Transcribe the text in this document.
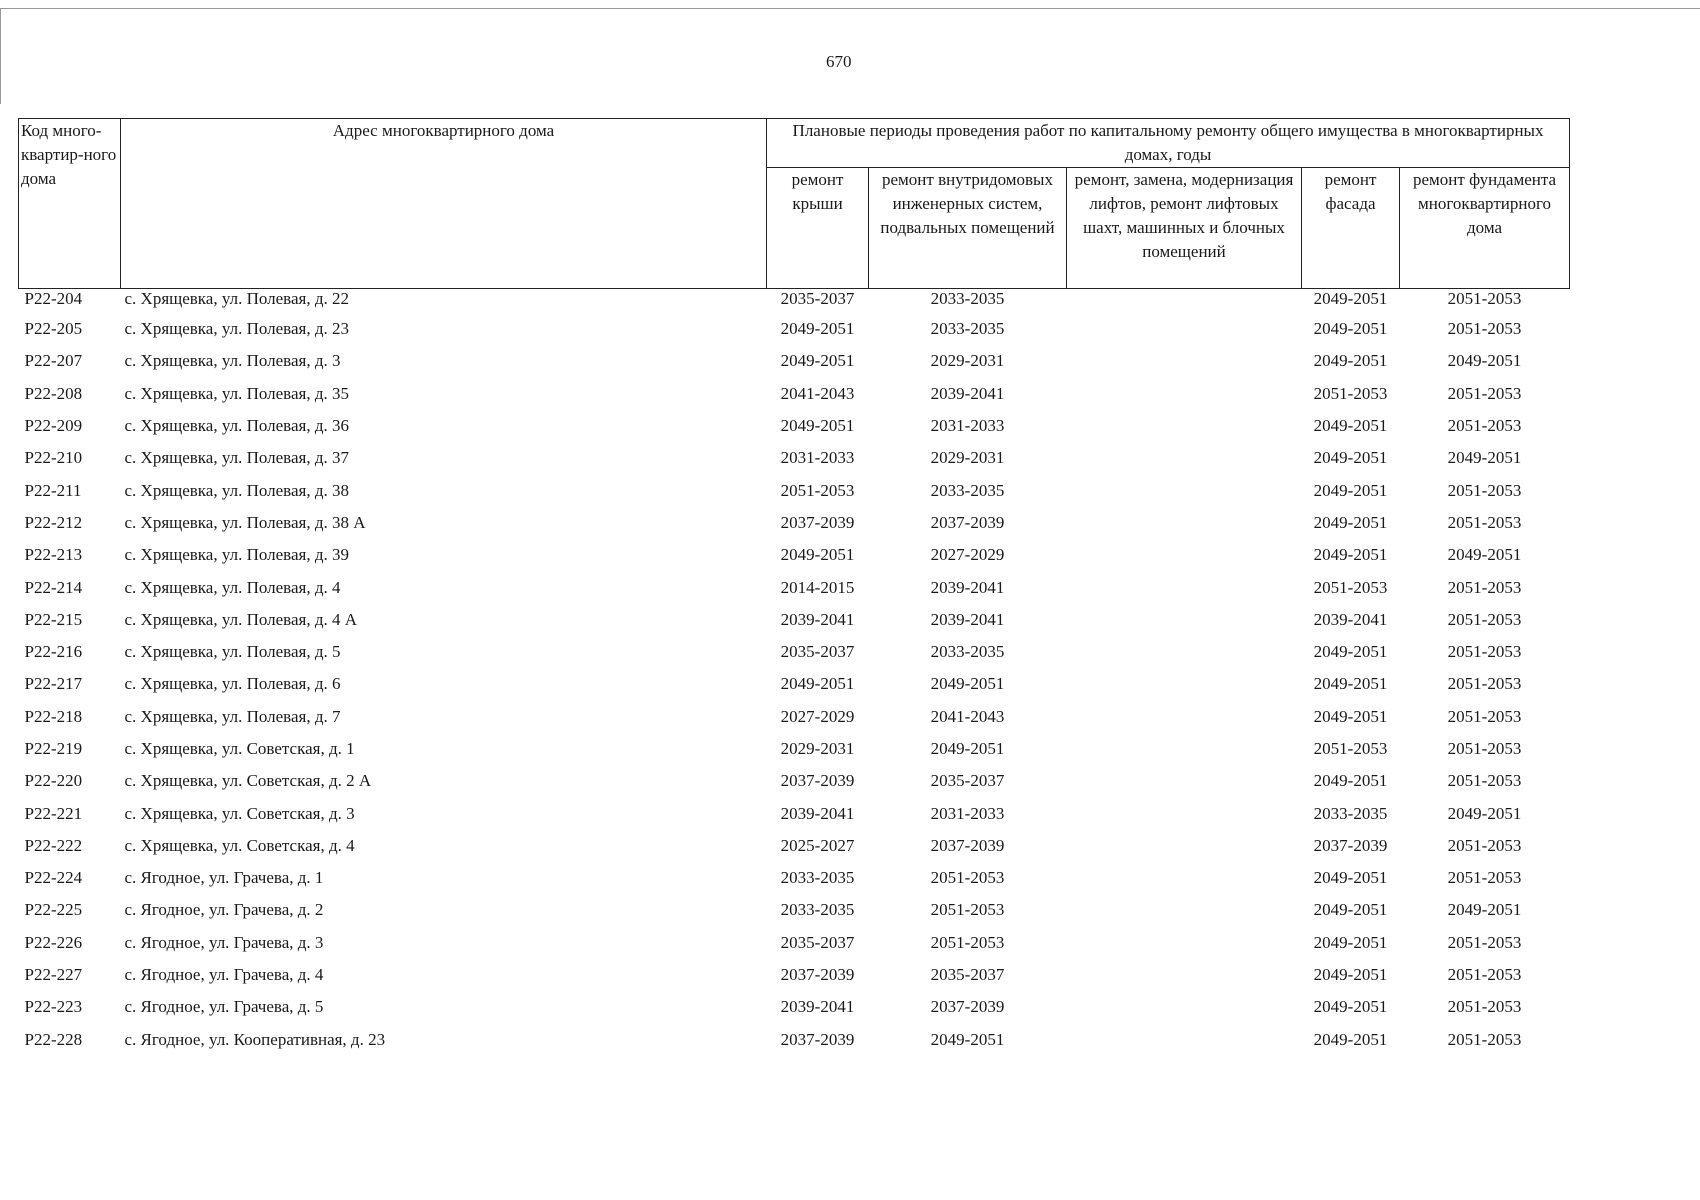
670
Код много-квартир-ного дома	Адрес многоквартирного дома	Плановые периоды проведения работ по капитальному ремонту общего имущества в многоквартирных домах, годы				
		ремонт крыши	ремонт внутридомовых инженерных систем, подвальных помещений	ремонт, замена, модернизация лифтов, ремонт лифтовых шахт, машинных и блочных помещений	ремонт фасада	ремонт фундамента многоквартирного дома
Р22-204	с. Хрящевка, ул. Полевая, д. 22	2035-2037	2033-2035		2049-2051	2051-2053
Р22-205	с. Хрящевка, ул. Полевая, д. 23	2049-2051	2033-2035		2049-2051	2051-2053
Р22-207	с. Хрящевка, ул. Полевая, д. 3	2049-2051	2029-2031		2049-2051	2049-2051
Р22-208	с. Хрящевка, ул. Полевая, д. 35	2041-2043	2039-2041		2051-2053	2051-2053
Р22-209	с. Хрящевка, ул. Полевая, д. 36	2049-2051	2031-2033		2049-2051	2051-2053
Р22-210	с. Хрящевка, ул. Полевая, д. 37	2031-2033	2029-2031		2049-2051	2049-2051
Р22-211	с. Хрящевка, ул. Полевая, д. 38	2051-2053	2033-2035		2049-2051	2051-2053
Р22-212	с. Хрящевка, ул. Полевая, д. 38 А	2037-2039	2037-2039		2049-2051	2051-2053
Р22-213	с. Хрящевка, ул. Полевая, д. 39	2049-2051	2027-2029		2049-2051	2049-2051
Р22-214	с. Хрящевка, ул. Полевая, д. 4	2014-2015	2039-2041		2051-2053	2051-2053
Р22-215	с. Хрящевка, ул. Полевая, д. 4 А	2039-2041	2039-2041		2039-2041	2051-2053
Р22-216	с. Хрящевка, ул. Полевая, д. 5	2035-2037	2033-2035		2049-2051	2051-2053
Р22-217	с. Хрящевка, ул. Полевая, д. 6	2049-2051	2049-2051		2049-2051	2051-2053
Р22-218	с. Хрящевка, ул. Полевая, д. 7	2027-2029	2041-2043		2049-2051	2051-2053
Р22-219	с. Хрящевка, ул. Советская, д. 1	2029-2031	2049-2051		2051-2053	2051-2053
Р22-220	с. Хрящевка, ул. Советская, д. 2 А	2037-2039	2035-2037		2049-2051	2051-2053
Р22-221	с. Хрящевка, ул. Советская, д. 3	2039-2041	2031-2033		2033-2035	2049-2051
Р22-222	с. Хрящевка, ул. Советская, д. 4	2025-2027	2037-2039		2037-2039	2051-2053
Р22-224	с. Ягодное, ул. Грачева, д. 1	2033-2035	2051-2053		2049-2051	2051-2053
Р22-225	с. Ягодное, ул. Грачева, д. 2	2033-2035	2051-2053		2049-2051	2049-2051
Р22-226	с. Ягодное, ул. Грачева, д. 3	2035-2037	2051-2053		2049-2051	2051-2053
Р22-227	с. Ягодное, ул. Грачева, д. 4	2037-2039	2035-2037		2049-2051	2051-2053
Р22-223	с. Ягодное, ул. Грачева, д. 5	2039-2041	2037-2039		2049-2051	2051-2053
Р22-228	с. Ягодное, ул. Кооперативная, д. 23	2037-2039	2049-2051		2049-2051	2051-2053
